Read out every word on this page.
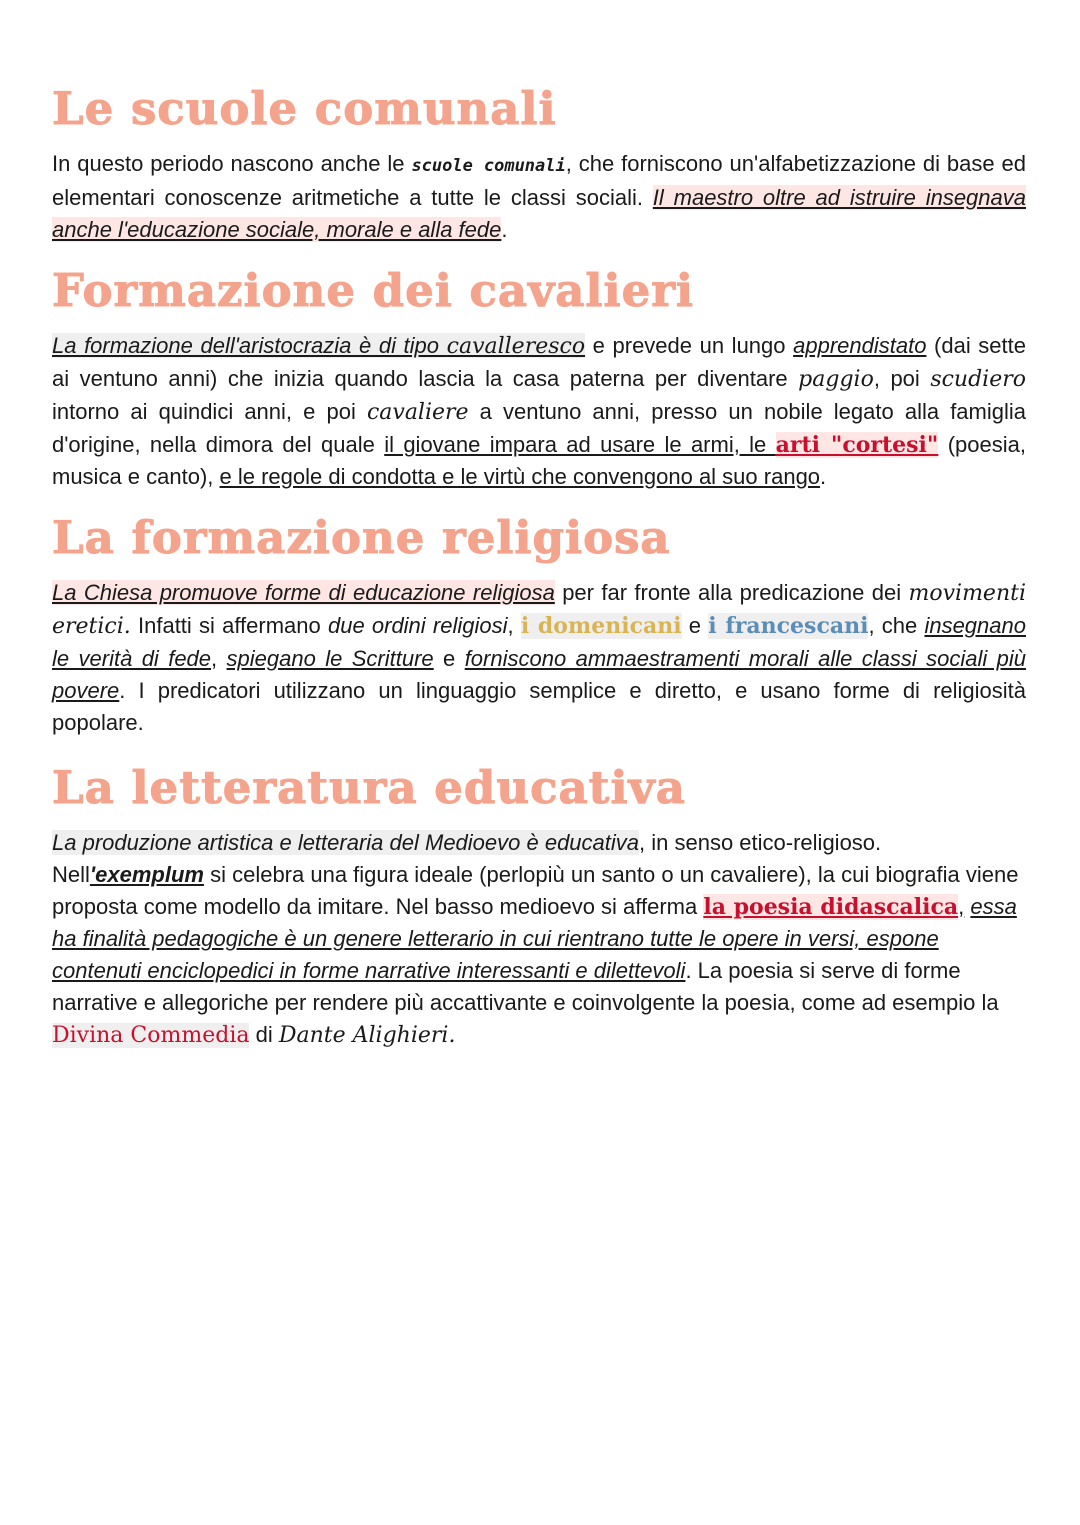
Le scuole comunali

In questo periodo nascono anche le scuole comunali, che forniscono un'alfabetizzazione di base ed elementari conoscenze aritmetiche a tutte le classi sociali. Il maestro oltre ad istruire insegnava anche l'educazione sociale, morale e alla fede.

Formazione dei cavalieri

La formazione dell'aristocrazia è di tipo cavalleresco e prevede un lungo apprendistato (dai sette ai ventuno anni) che inizia quando lascia la casa paterna per diventare paggio, poi scudiero intorno ai quindici anni, e poi cavaliere a ventuno anni, presso un nobile legato alla famiglia d'origine, nella dimora del quale il giovane impara ad usare le armi, le arti "cortesi" (poesia, musica e canto), e le regole di condotta e le virtù che convengono al suo rango.

La formazione religiosa

La Chiesa promuove forme di educazione religiosa per far fronte alla predicazione dei movimenti eretici. Infatti si affermano due ordini religiosi, i domenicani e i francescani, che insegnano le verità di fede, spiegano le Scritture e forniscono ammaestramenti morali alle classi sociali più povere. I predicatori utilizzano un linguaggio semplice e diretto, e usano forme di religiosità popolare.

La letteratura educativa

La produzione artistica e letteraria del Medioevo è educativa, in senso etico-religioso.
Nell'exemplum si celebra una figura ideale (perlopiù un santo o un cavaliere), la cui biografia viene proposta come modello da imitare. Nel basso medioevo si afferma la poesia didascalica, essa ha finalità pedagogiche è un genere letterario in cui rientrano tutte le opere in versi, espone contenuti enciclopedici in forme narrative interessanti e dilettevoli. La poesia si serve di forme narrative e allegoriche per rendere più accattivante e coinvolgente la poesia, come ad esempio la Divina Commedia di Dante Alighieri.
